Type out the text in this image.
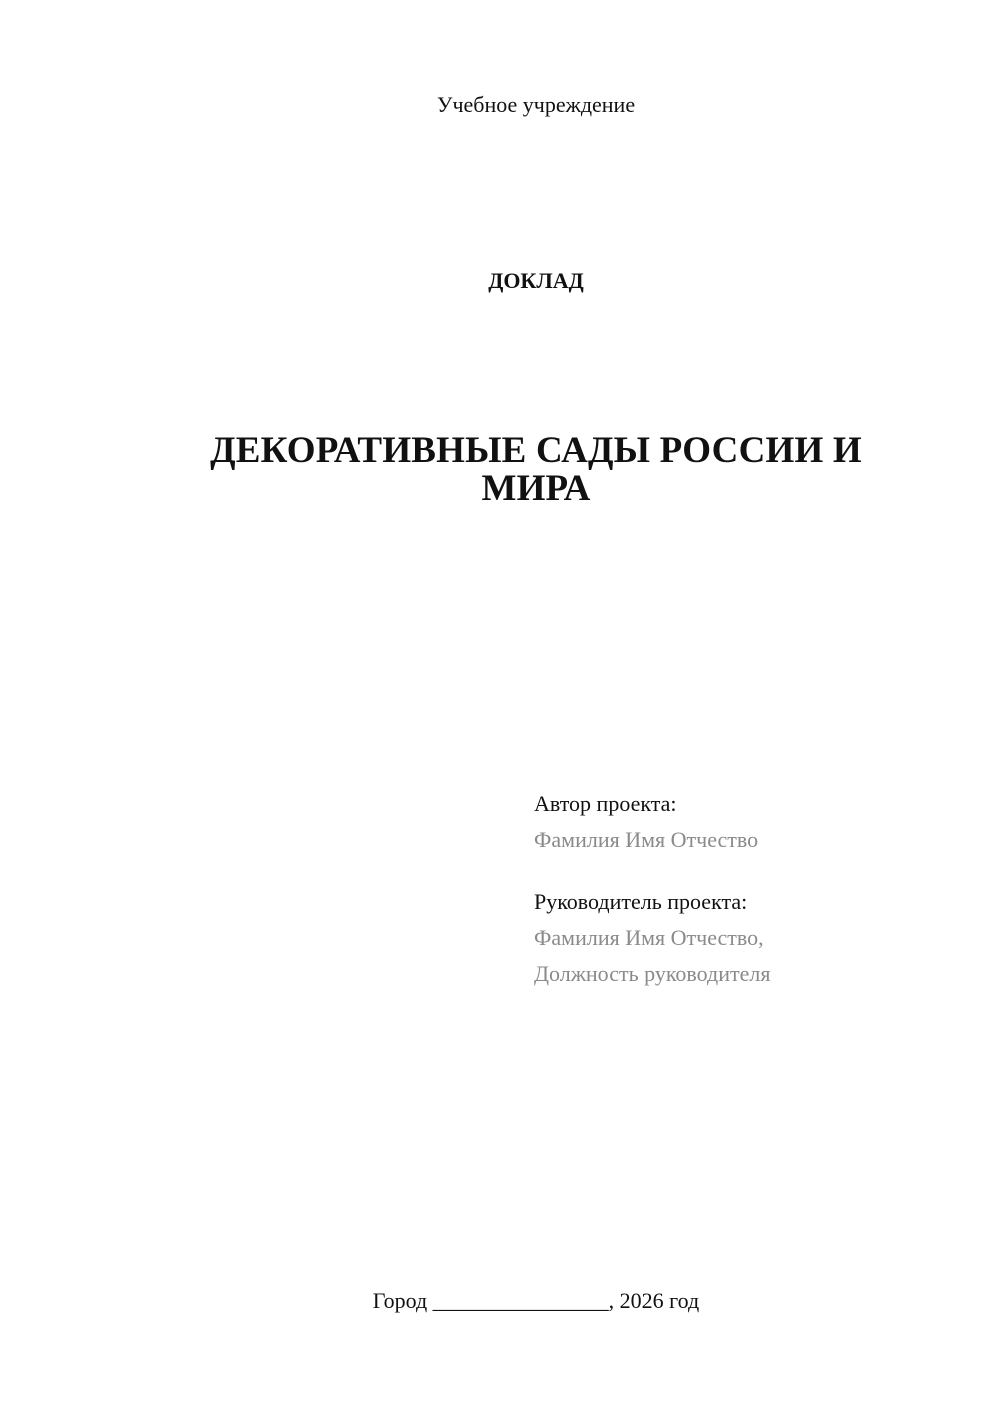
Учебное учреждение
ДОКЛАД
ДЕКОРАТИВНЫЕ САДЫ РОССИИ И
МИРА
Автор проекта:
Фамилия Имя Отчество
Руководитель проекта:
Фамилия Имя Отчество,
Должность руководителя
Город ________________, 2026 год
